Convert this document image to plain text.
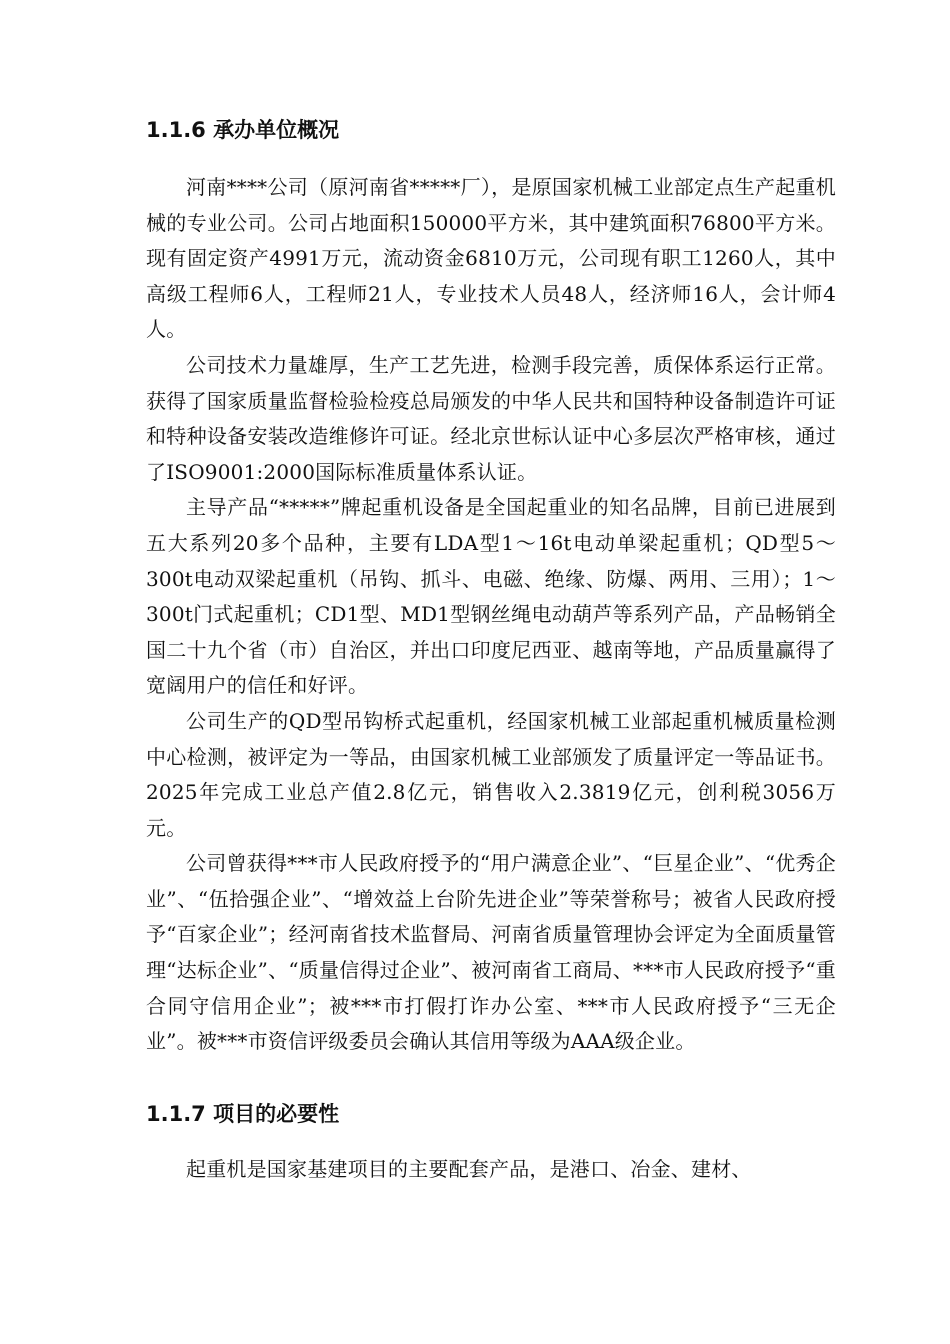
1.1.6 承办单位概况

河南****公司（原河南省*****厂），是原国家机械工业部定点生产起重机械的专业公司。公司占地面积150000平方米，其中建筑面积76800平方米。现有固定资产4991万元，流动资金6810万元，公司现有职工1260人，其中高级工程师6人，工程师21人，专业技术人员48人，经济师16人，会计师4人。

公司技术力量雄厚，生产工艺先进，检测手段完善，质保体系运行正常。获得了国家质量监督检验检疫总局颁发的中华人民共和国特种设备制造许可证和特种设备安装改造维修许可证。经北京世标认证中心多层次严格审核，通过了ISO9001:2000国际标准质量体系认证。

主导产品“*****”牌起重机设备是全国起重业的知名品牌，目前已进展到五大系列20多个品种，主要有LDA型1～16t电动单梁起重机；QD型5～300t电动双梁起重机（吊钩、抓斗、电磁、绝缘、防爆、两用、三用）；1～300t门式起重机；CD1型、MD1型钢丝绳电动葫芦等系列产品，产品畅销全国二十九个省（市）自治区，并出口印度尼西亚、越南等地，产品质量赢得了宽阔用户的信任和好评。

公司生产的QD型吊钩桥式起重机，经国家机械工业部起重机械质量检测中心检测，被评定为一等品，由国家机械工业部颁发了质量评定一等品证书。2025年完成工业总产值2.8亿元，销售收入2.3819亿元，创利税3056万元。

公司曾获得***市人民政府授予的“用户满意企业”、“巨星企业”、“优秀企业”、“伍拾强企业”、“增效益上台阶先进企业”等荣誉称号；被省人民政府授予“百家企业”；经河南省技术监督局、河南省质量管理协会评定为全面质量管理“达标企业”、“质量信得过企业”、被河南省工商局、***市人民政府授予“重合同守信用企业”；被***市打假打诈办公室、***市人民政府授予“三无企业”。被***市资信评级委员会确认其信用等级为AAA级企业。

1.1.7 项目的必要性

起重机是国家基建项目的主要配套产品，是港口、冶金、建材、
